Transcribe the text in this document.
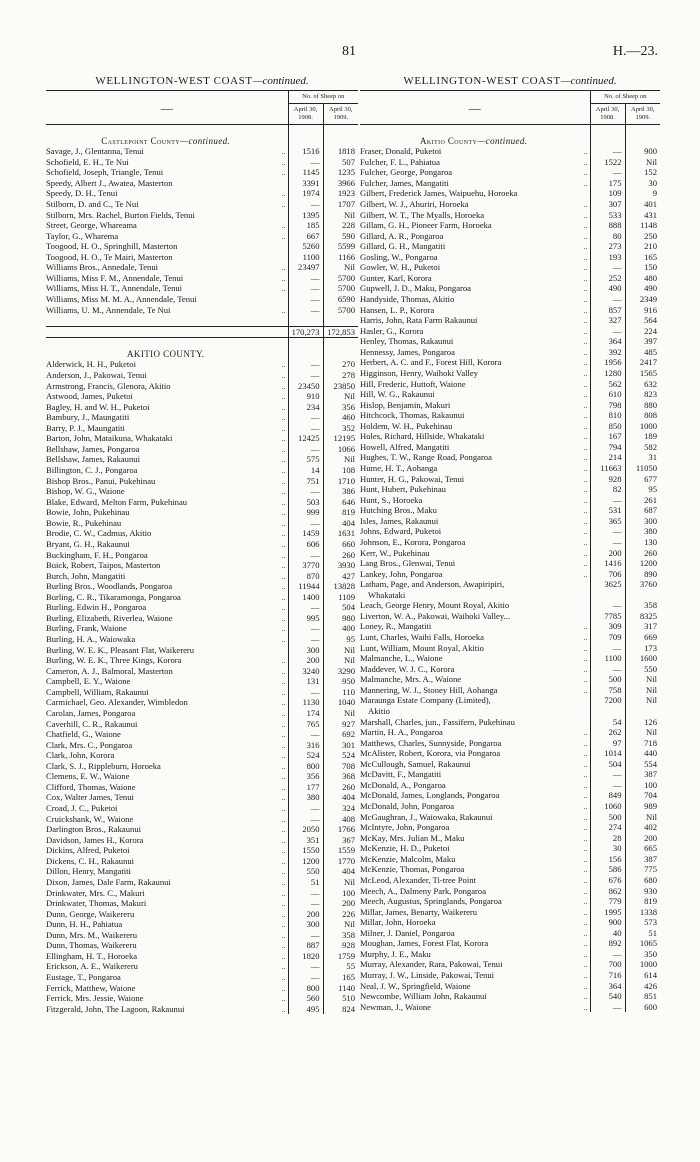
81	H.—23.
WELLINGTON-WEST COAST—continued.
—	No. of Sheep on	
	April 30, 1908.	April 30, 1909.

Castlepoint County—continued.		

..
Savage, J., Glentanna, Tenui	1516	1818

..
Schofield, E. H., Te Nui	—	507

..
Schofield, Joseph, Triangle, Tenui	1145	1235

Speedy, Albert J., Awatea, Masterton	3391	3966

..
Speedy, D. H., Tenui	1974	1923

..
Stilborn, D. and C., Te Nui	—	1707

Stilborn, Mrs. Rachel, Burton Fields, Tenui	1395	Nil

..
Street, George, Whareama	185	228

..
Taylor, G., Wharema	667	590

Toogood, H. O., Springhill, Masterton	5260	5599

Toogood, H. O., Te Mairi, Masterton	1100	1166

..
Williams Bros., Annedale, Tenui	23497	Nil

..
Williams, Miss F. M., Annendale, Tenui	—	5700

..
Williams, Miss H. T., Annendale, Tenui	—	5700

Williams, Miss M. M. A., Annendale, Tenui	—	6590

..
Williams, U. M., Annendale, Te Nui	—	5700

	170,273	172,853

AKITIO COUNTY.		

..
Alderwick, H. H., Puketoi	—	270

..
Anderson, J., Pakowai, Tenui	—	278

..
Armstrong, Francis, Glenora, Akitio	23450	23850

..
Astwood, James, Puketoi	910	Nil

..
Bagley, H. and W. H., Puketoi	234	356

..
Bambury, J., Maungatiti	—	460

..
Barry, P. J., Maungatiti	—	352

..
Barton, John, Mataikuna, Whakataki	12425	12195

..
Bellshaw, James, Pongaroa	—	1066

..
Bellshaw, James, Rakaunui	575	Nil

..
Billington, C. J., Pongaroa	14	108

..
Bishop Bros., Panui, Pukehinau	751	1710

..
Bishop, W. G., Waione	—	386

..
Blake, Edward, Melton Farm, Pukehinau	503	646

..
Bowie, John, Pukehinau	999	819

..
Bowie, R., Pukehinau	—	404

..
Brodie, C. W., Cadmus, Akitio	1459	1631

..
Bryant, G. H., Rakaunui	606	660

..
Buckingham, F. H., Pongaroa	—	260

..
Buick, Robert, Taipos, Masterton	3770	3930

..
Burch, John, Mangatiti	870	427

..
Burling Bros., Woodlands, Pongaroa	11944	13828

..
Burling, C. R., Tikaramonga, Pongaroa	1400	1109

..
Burling, Edwin H., Pongaroa	—	504

..
Burling, Elizabeth, Riverlea, Waione	995	980

..
Burling, Frank, Waione	—	400

..
Burling, H. A., Waiowaka	—	95

Burling, W. E. K., Pleasant Flat, Waikereru	300	Nil

..
Burling, W. E. K., Three Kings, Korora	200	Nil

..
Cameron, A. J., Balmoral, Masterton	3240	3290

..
Campbell, E. Y., Waione	131	950

..
Campbell, William, Rakaunui	—	110

..
Carmichael, Geo. Alexander, Wimbledon	1130	1040

..
Carolan, James, Pongaroa	174	Nil

..
Caverhill, C. R., Rakaunui	765	927

..
Chatfield, G., Waione	—	692

..
Clark, Mrs. C., Pongaroa	316	301

..
Clark, John, Korora	524	524

..
Clark, S. J., Rippleburn, Horoeka	800	708

..
Clemens, E. W., Waione	356	368

..
Clifford, Thomas, Waione	177	260

..
Cox, Walter James, Tenui	380	404

..
Croad, J. C., Puketoi	—	324

..
Cruickshank, W., Waione	—	408

..
Darlington Bros., Rakaunui	2050	1766

..
Davidson, James H., Korora	351	367

..
Dickins, Alfred, Puketoi	1550	1559

..
Dickens, C. H., Rakaunui	1200	1770

..
Dillon, Henry, Mangatiti	550	404

..
Dixon, James, Dale Farm, Rakaunui	51	Nil

..
Drinkwater, Mrs. C., Makuri	—	100

..
Drinkwater, Thomas, Makuri	—	200

..
Dunn, George, Waikereru	200	226

..
Dunn, H. H., Pahiatua	300	Nil

..
Dunn, Mrs. M., Waikereru	—	358

..
Dunn, Thomas, Waikereru	887	928

..
Ellingham, H. T., Horoeka	1820	1759

..
Erickson, A. E., Waikereru	—	55

..
Eustage, T., Pongaroa	—	165

..
Ferrick, Matthew, Waione	800	1140

..
Ferrick, Mrs. Jessie, Waione	560	510

..
Fitzgerald, John, The Lagoon, Rakaunui	495	824
WELLINGTON-WEST COAST—continued.
—	No. of Sheep on	
	April 30, 1908.	April 30, 1909.

Akitio County—continued.		

..
Fraser, Donald, Puketoi	—	900

..
Fulcher, F. L., Pahiatua	1522	Nil

..
Fulcher, George, Pongaroa	—	152

..
Fulcher, James, Mangatiti	175	30

Gilbert, Frederick James, Waipuehu, Horoeka	109	9

..
Gilbert, W. J., Ahuriri, Horoeka	307	401

..
Gilbert, W. T., The Myalls, Horoeka	533	431

..
Gillam, G. H., Pioneer Farm, Horoeka	888	1148

..
Gillard, A. R., Pongaroa	80	250

..
Gillard, G. H., Mangatiti	273	210

..
Gosling, W., Pongaroa	193	165

..
Gowler, W. H., Puketoi	—	150

..
Gunter, Karl, Korora	252	480

..
Gupwell, J. D., Maku, Pongaroa	490	490

..
Handyside, Thomas, Akitio	—	2349

..
Hansen, L. P., Korora	857	916

..
Harris, John, Rata Farm Rakaunui	327	564

..
Hasler, G., Korora	—	224

..
Henley, Thomas, Rakaunui	364	397

..
Hennessy, James, Pongaroa	392	485

..
Herbert, A. C. and F., Forest Hill, Korora	1956	2417

..
Higginson, Henry, Waihoki Valley	1280	1565

..
Hill, Frederic, Huttoft, Waione	562	632

..
Hill, W. G., Rakaunui	610	823

..
Hislop, Benjamin, Makuri	798	880

..
Hitchcock, Thomas, Rakaunui	810	808

..
Holdem, W. H., Pukehinau	850	1000

..
Holes, Richard, Hillside, Whakataki	167	189

..
Howell, Alfred, Mangatiti	794	582

..
Hughes, T. W., Range Road, Pongaroa	214	31

..
Hume, H. T., Aohanga	11663	11050

..
Hunter, H. G., Pakowai, Tenui	928	677

..
Hunt, Hubert, Pukehinau	82	95

..
Hunt, S., Horoeka	—	261

..
Hutching Bros., Maku	531	687

..
Isles, James, Rakaunui	365	300

..
Johns, Edward, Puketoi	—	380

..
Johnson, E., Korora, Pongaroa	—	130

..
Kerr, W., Pukehinau	200	260

..
Lang Bros., Glenwai, Tenui	1416	1200

..
Lankey, John, Pongaroa	706	890

Latham, Page, and Anderson, Awapiripiri,	3625	3760

Whakataki		

Leach, George Henry, Mount Royal, Akitio	—	358

Liverton, W. A., Pakowai, Waihoki Valley...	7785	8325

..
Loney, R., Mangatiti	309	317

..
Lunt, Charles, Waihi Falls, Horoeka	709	669

..
Lunt, William, Mount Royal, Akitio	—	173

..
Malmanche, L., Waione	1100	1600

..
Maddever, W. J. C., Korora	—	550

..
Malmanche, Mrs. A., Waione	500	Nil

..
Mannering, W. J., Stoney Hill, Aohanga	758	Nil

Maraunga Estate Company (Limited),	7200	Nil

Akitio		

Marshall, Charles, jun., Fassifern, Pukehinau	54	126

..
Martin, H. A., Pongaroa	262	Nil

..
Matthews, Charles, Sunnyside, Pongaroa	97	718

..
McAlister, Robert, Korora, via Pongaroa	1014	440

..
McCullough, Samuel, Rakaunui	504	554

..
McDavitt, F., Mangatiti	—	387

..
McDonald, A., Pongaroa	—	100

..
McDonald, James, Longlands, Pongaroa	849	704

..
McDonald, John, Pongaroa	1060	989

..
McGaughran, J., Waiowaka, Rakaunui	500	Nil

..
McIntyre, John, Pongaroa	274	402

..
McKay, Mrs. Julian M., Maku	28	200

..
McKenzie, H. D., Puketoi	30	665

..
McKenzie, Malcolm, Maku	156	387

..
McKenzie, Thomas, Pongaroa	586	775

..
McLeod, Alexander, Ti-tree Point	676	680

..
Meech, A., Dalmeny Park, Pongaroa	862	930

..
Meech, Augustus, Springlands, Pongaroa	779	819

..
Millar, James, Benarty, Waikereru	1995	1338

..
Millar, John, Horoeka	900	573

..
Milner, J. Daniel, Pongaroa	40	51

..
Moughan, James, Forest Flat, Korora	892	1065

..
Murphy, J. E., Maku	—	350

..
Murray, Alexander, Rara, Pakowai, Tenui	700	1000

..
Murray, J. W., Linside, Pakowai, Tenui	716	614

..
Neal, J. W., Springfield, Waione	364	426

..
Newcombe, William John, Rakaunui	540	851

..
Newman, J., Waione	—	600
